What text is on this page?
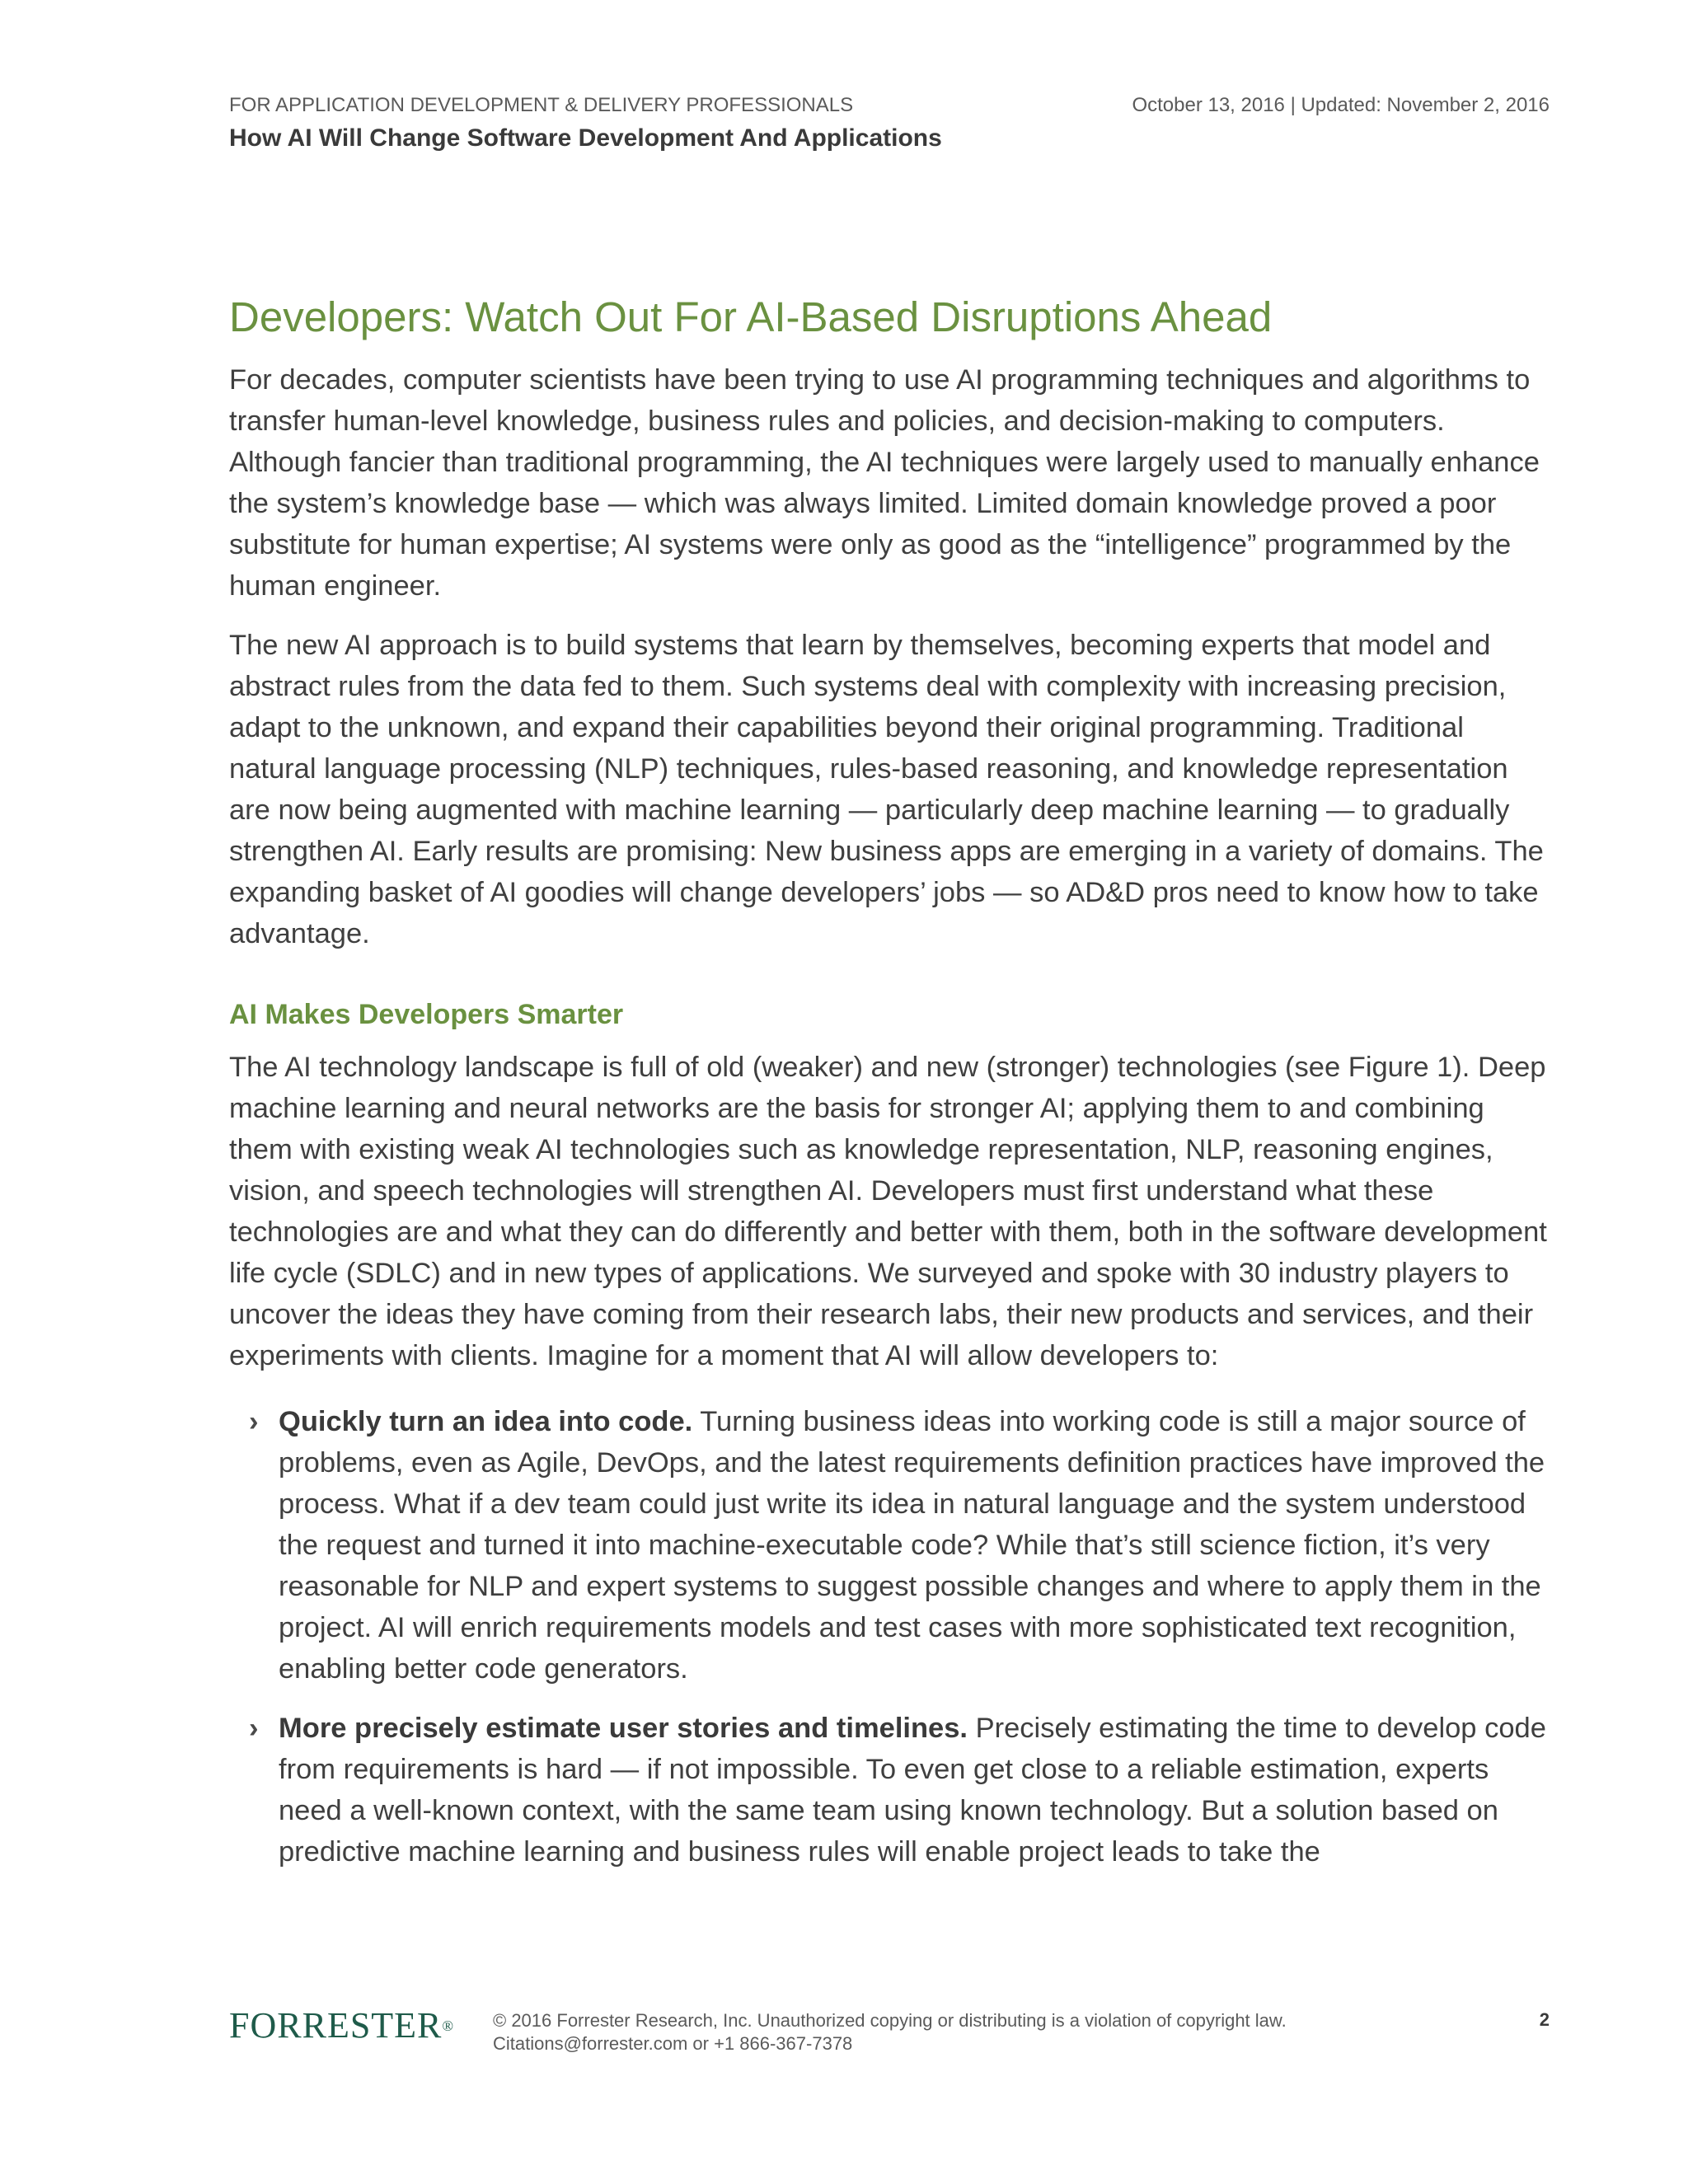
FOR APPLICATION DEVELOPMENT & DELIVERY PROFESSIONALS	October 13, 2016 | Updated: November 2, 2016
How AI Will Change Software Development And Applications
Developers: Watch Out For AI-Based Disruptions Ahead

For decades, computer scientists have been trying to use AI programming techniques and algorithms to transfer human-level knowledge, business rules and policies, and decision-making to computers. Although fancier than traditional programming, the AI techniques were largely used to manually enhance the system’s knowledge base — which was always limited. Limited domain knowledge proved a poor substitute for human expertise; AI systems were only as good as the “intelligence” programmed by the human engineer.

The new AI approach is to build systems that learn by themselves, becoming experts that model and abstract rules from the data fed to them. Such systems deal with complexity with increasing precision, adapt to the unknown, and expand their capabilities beyond their original programming. Traditional natural language processing (NLP) techniques, rules-based reasoning, and knowledge representation are now being augmented with machine learning — particularly deep machine learning — to gradually strengthen AI. Early results are promising: New business apps are emerging in a variety of domains. The expanding basket of AI goodies will change developers’ jobs — so AD&D pros need to know how to take advantage.

AI Makes Developers Smarter

The AI technology landscape is full of old (weaker) and new (stronger) technologies (see Figure 1). Deep machine learning and neural networks are the basis for stronger AI; applying them to and combining them with existing weak AI technologies such as knowledge representation, NLP, reasoning engines, vision, and speech technologies will strengthen AI. Developers must first understand what these technologies are and what they can do differently and better with them, both in the software development life cycle (SDLC) and in new types of applications. We surveyed and spoke with 30 industry players to uncover the ideas they have coming from their research labs, their new products and services, and their experiments with clients. Imagine for a moment that AI will allow developers to:

› Quickly turn an idea into code. Turning business ideas into working code is still a major source of problems, even as Agile, DevOps, and the latest requirements definition practices have improved the process. What if a dev team could just write its idea in natural language and the system understood the request and turned it into machine-executable code? While that’s still science fiction, it’s very reasonable for NLP and expert systems to suggest possible changes and where to apply them in the project. AI will enrich requirements models and test cases with more sophisticated text recognition, enabling better code generators.
› More precisely estimate user stories and timelines. Precisely estimating the time to develop code from requirements is hard — if not impossible. To even get close to a reliable estimation, experts need a well-known context, with the same team using known technology. But a solution based on predictive machine learning and business rules will enable project leads to take the
FORRESTER® © 2016 Forrester Research, Inc. Unauthorized copying or distributing is a violation of copyright law.
Citations@forrester.com or +1 866-367-7378
2
